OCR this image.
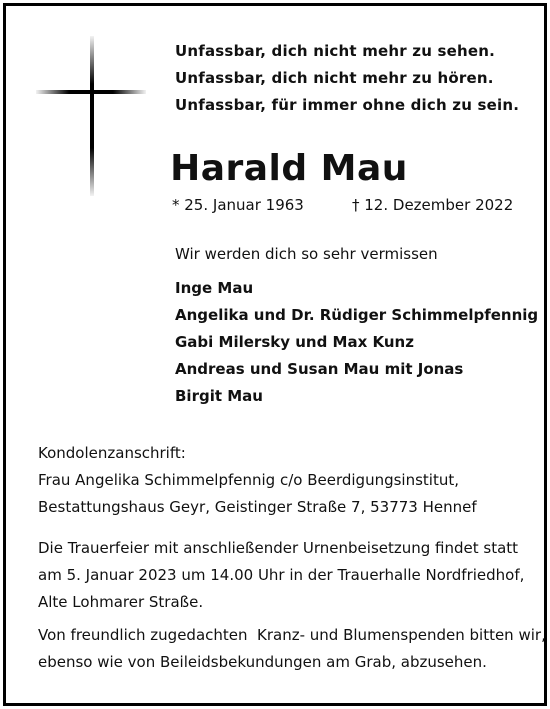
Unfassbar, dich nicht mehr zu sehen.
Unfassbar, dich nicht mehr zu hören.
Unfassbar, für immer ohne dich zu sein.
Harald Mau
* 25. Januar 1963	† 12. Dezember 2022
Wir werden dich so sehr vermissen
Inge Mau
Angelika und Dr. Rüdiger Schimmelpfennig
Gabi Milersky und Max Kunz
Andreas und Susan Mau mit Jonas
Birgit Mau
Kondolenzanschrift:
Frau Angelika Schimmelpfennig c/o Beerdigungsinstitut,
Bestattungshaus Geyr, Geistinger Straße 7, 53773 Hennef
Die Trauerfeier mit anschließender Urnenbeisetzung findet statt
am 5. Januar 2023 um 14.00 Uhr in der Trauerhalle Nordfriedhof,
Alte Lohmarer Straße.
Von freundlich zugedachten  Kranz- und Blumenspenden bitten wir,
ebenso wie von Beileidsbekundungen am Grab, abzusehen.
